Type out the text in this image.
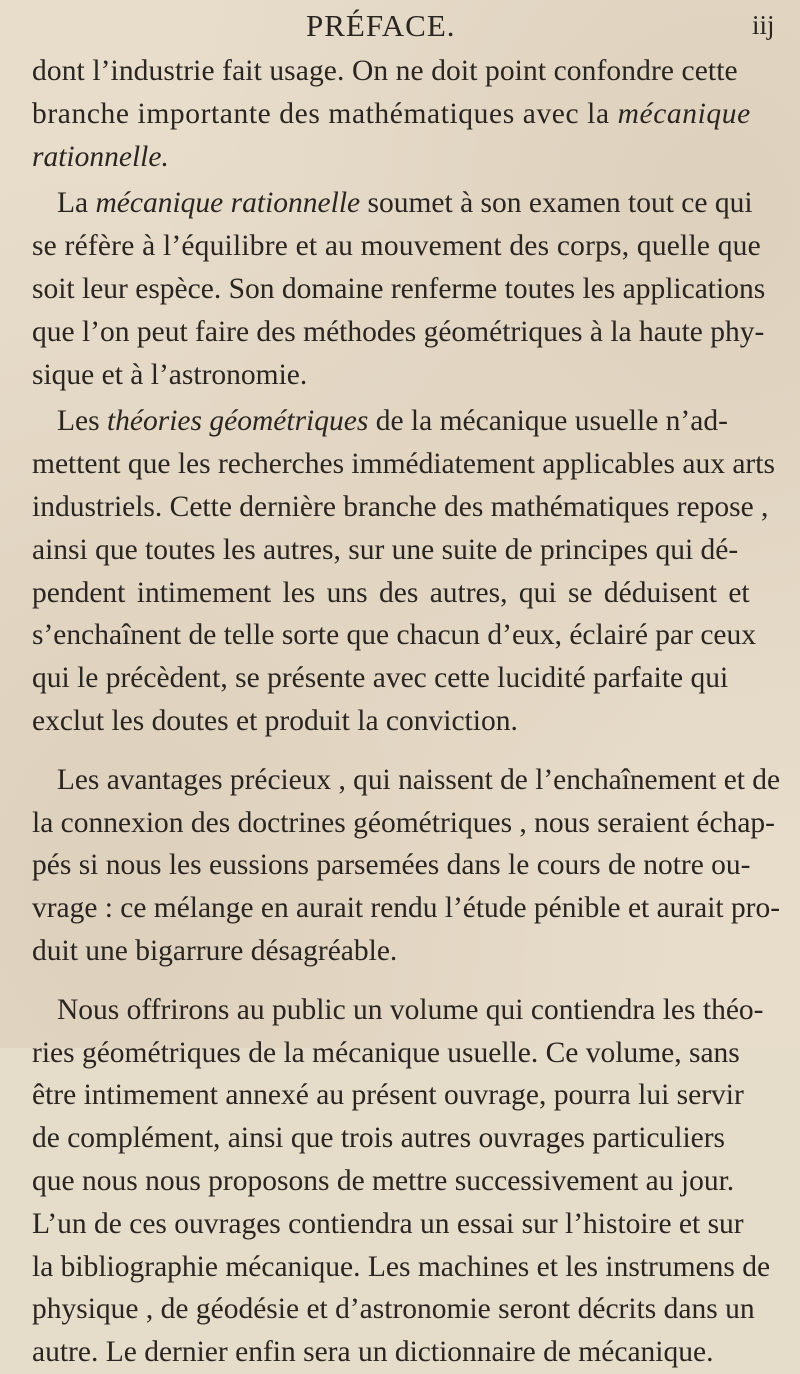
PRÉFACE.	iij
dont l’industrie fait usage. On ne doit point confondre cette
branche importante des mathématiques avec la mécanique
rationnelle.
La mécanique rationnelle soumet à son examen tout ce qui
se réfère à l’équilibre et au mouvement des corps, quelle que
soit leur espèce. Son domaine renferme toutes les applications
que l’on peut faire des méthodes géométriques à la haute phy-
sique et à l’astronomie.
Les théories géométriques de la mécanique usuelle n’ad-
mettent que les recherches immédiatement applicables aux arts
industriels. Cette dernière branche des mathématiques repose ,
ainsi que toutes les autres, sur une suite de principes qui dé-
pendent intimement les uns des autres, qui se déduisent et
s’enchaînent de telle sorte que chacun d’eux, éclairé par ceux
qui le précèdent, se présente avec cette lucidité parfaite qui
exclut les doutes et produit la conviction.
Les avantages précieux , qui naissent de l’enchaînement et de
la connexion des doctrines géométriques , nous seraient échap-
pés si nous les eussions parsemées dans le cours de notre ou-
vrage : ce mélange en aurait rendu l’étude pénible et aurait pro-
duit une bigarrure désagréable.
Nous offrirons au public un volume qui contiendra les théo-
ries géométriques de la mécanique usuelle. Ce volume, sans
être intimement annexé au présent ouvrage, pourra lui servir
de complément, ainsi que trois autres ouvrages particuliers
que nous nous proposons de mettre successivement au jour.
L’un de ces ouvrages contiendra un essai sur l’histoire et sur
la bibliographie mécanique. Les machines et les instrumens de
physique , de géodésie et d’astronomie seront décrits dans un
autre. Le dernier enfin sera un dictionnaire de mécanique.
